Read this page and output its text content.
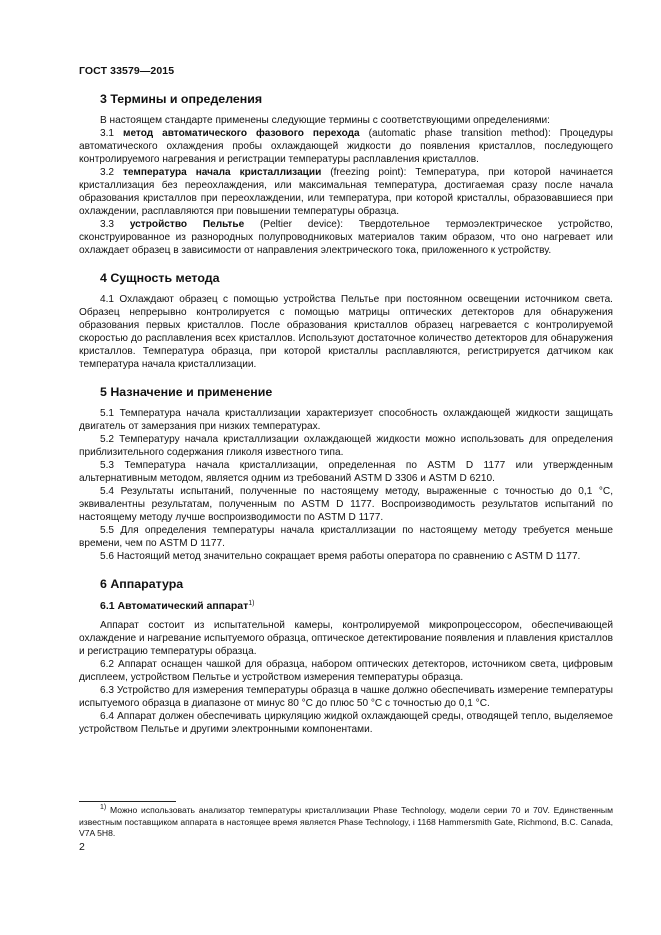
ГОСТ 33579—2015
3 Термины и определения

В настоящем стандарте применены следующие термины с соответствующими определениями:

3.1 метод автоматического фазового перехода (automatic phase transition method): Процедуры автоматического охлаждения пробы охлаждающей жидкости до появления кристаллов, последующего контролируемого нагревания и регистрации температуры расплавления кристаллов.

3.2 температура начала кристаллизации (freezing point): Температура, при которой начинается кристаллизация без переохлаждения, или максимальная температура, достигаемая сразу после начала образования кристаллов при переохлаждении, или температура, при которой кристаллы, образовавшиеся при охлаждении, расплавляются при повышении температуры образца.

3.3 устройство Пельтье (Peltier device): Твердотельное термоэлектрическое устройство, сконструированное из разнородных полупроводниковых материалов таким образом, что оно нагревает или охлаждает образец в зависимости от направления электрического тока, приложенного к устройству.

4 Сущность метода

4.1 Охлаждают образец с помощью устройства Пельтье при постоянном освещении источником света. Образец непрерывно контролируется с помощью матрицы оптических детекторов для обнаружения образования первых кристаллов. После образования кристаллов образец нагревается с контролируемой скоростью до расплавления всех кристаллов. Используют достаточное количество детекторов для обнаружения кристаллов. Температура образца, при которой кристаллы расплавляются, регистрируется датчиком как температура начала кристаллизации.

5 Назначение и применение

5.1 Температура начала кристаллизации характеризует способность охлаждающей жидкости защищать двигатель от замерзания при низких температурах.

5.2 Температуру начала кристаллизации охлаждающей жидкости можно использовать для определения приблизительного содержания гликоля известного типа.

5.3 Температура начала кристаллизации, определенная по ASTM D 1177 или утвержденным альтернативным методом, является одним из требований ASTM D 3306 и ASTM D 6210.

5.4 Результаты испытаний, полученные по настоящему методу, выраженные с точностью до 0,1 °С, эквивалентны результатам, полученным по ASTM D 1177. Воспроизводимость результатов испытаний по настоящему методу лучше воспроизводимости по ASTM D 1177.

5.5 Для определения температуры начала кристаллизации по настоящему методу требуется меньше времени, чем по ASTM D 1177.

5.6 Настоящий метод значительно сокращает время работы оператора по сравнению с ASTM D 1177.

6 Аппаратура
6.1 Автоматический аппарат$^{1)}$

Аппарат состоит из испытательной камеры, контролируемой микропроцессором, обеспечивающей охлаждение и нагревание испытуемого образца, оптическое детектирование появления и плавления кристаллов и регистрацию температуры образца.

6.2 Аппарат оснащен чашкой для образца, набором оптических детекторов, источником света, цифровым дисплеем, устройством Пельтье и устройством измерения температуры образца.

6.3 Устройство для измерения температуры образца в чашке должно обеспечивать измерение температуры испытуемого образца в диапазоне от минус 80 °С до плюс 50 °С с точностью до 0,1 °С.

6.4 Аппарат должен обеспечивать циркуляцию жидкой охлаждающей среды, отводящей тепло, выделяемое устройством Пельтье и другими электронными компонентами.

$^{1)}$ Можно использовать анализатор температуры кристаллизации Phase Technology, модели серии 70 и 70V. Единственным известным поставщиком аппарата в настоящее время является Phase Technology, i 1168 Hammersmith Gate, Richmond, B.C. Canada, V7A 5H8.
2
